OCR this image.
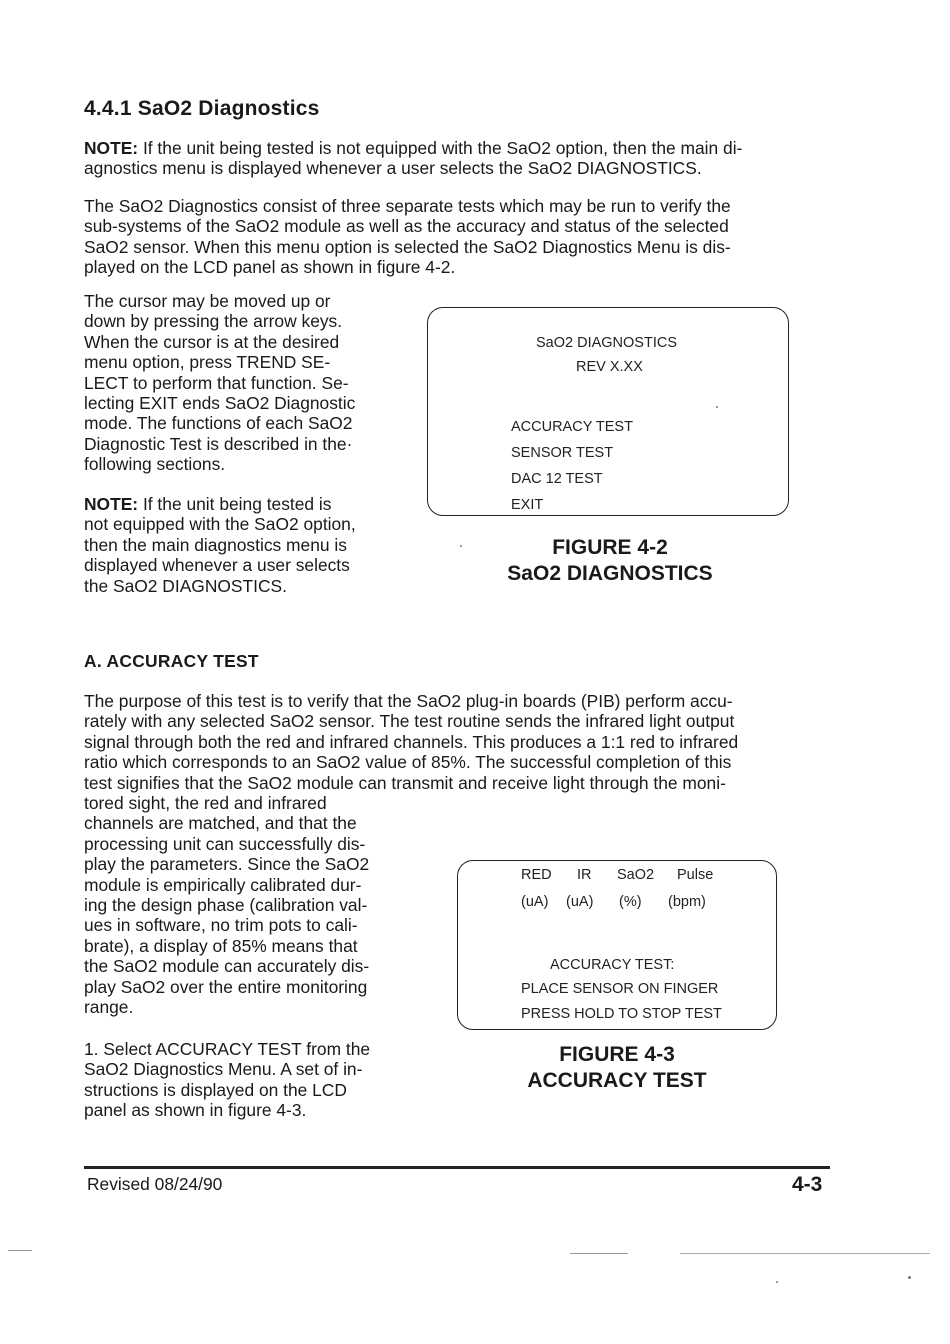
4.4.1 SaO2 Diagnostics
NOTE: If the unit being tested is not equipped with the SaO2 option, then the main di-
agnostics menu is displayed whenever a user selects the SaO2 DIAGNOSTICS.
The SaO2 Diagnostics consist of three separate tests which may be run to verify the
sub-systems of the SaO2 module as well as the accuracy and status of the selected
SaO2 sensor. When this menu option is selected the SaO2 Diagnostics Menu is dis-
played on the LCD panel as shown in figure 4-2.
The cursor may be moved up or
down by pressing the arrow keys.
When the cursor is at the desired
menu option, press TREND SE-
LECT to perform that function. Se-
lecting EXIT ends SaO2 Diagnostic
mode. The functions of each SaO2
Diagnostic Test is described in the·
following sections.
NOTE: If the unit being tested is
not equipped with the SaO2 option,
then the main diagnostics menu is
displayed whenever a user selects
the SaO2 DIAGNOSTICS.
SaO2 DIAGNOSTICS
REV X.XX
ACCURACY TEST
SENSOR TEST
DAC 12 TEST
EXIT
FIGURE 4-2
SaO2 DIAGNOSTICS
A. ACCURACY TEST
The purpose of this test is to verify that the SaO2 plug-in boards (PIB) perform accu-
rately with any selected SaO2 sensor. The test routine sends the infrared light output
signal through both the red and infrared channels. This produces a 1:1 red to infrared
ratio which corresponds to an SaO2 value of 85%. The successful completion of this
test signifies that the SaO2 module can transmit and receive light through the moni-
tored sight, the red and infrared
channels are matched, and that the
processing unit can successfully dis-
play the parameters. Since the SaO2
module is empirically calibrated dur-
ing the design phase (calibration val-
ues in software, no trim pots to cali-
brate), a display of 85% means that
the SaO2 module can accurately dis-
play SaO2 over the entire monitoring
range.
1. Select ACCURACY TEST from the
SaO2 Diagnostics Menu. A set of in-
structions is displayed on the LCD
panel as shown in figure 4-3.
RED IR SaO2 Pulse
(uA) (uA) (%) (bpm)
ACCURACY TEST:
PLACE SENSOR ON FINGER
PRESS HOLD TO STOP TEST
FIGURE 4-3
ACCURACY TEST
Revised 08/24/90	4-3
